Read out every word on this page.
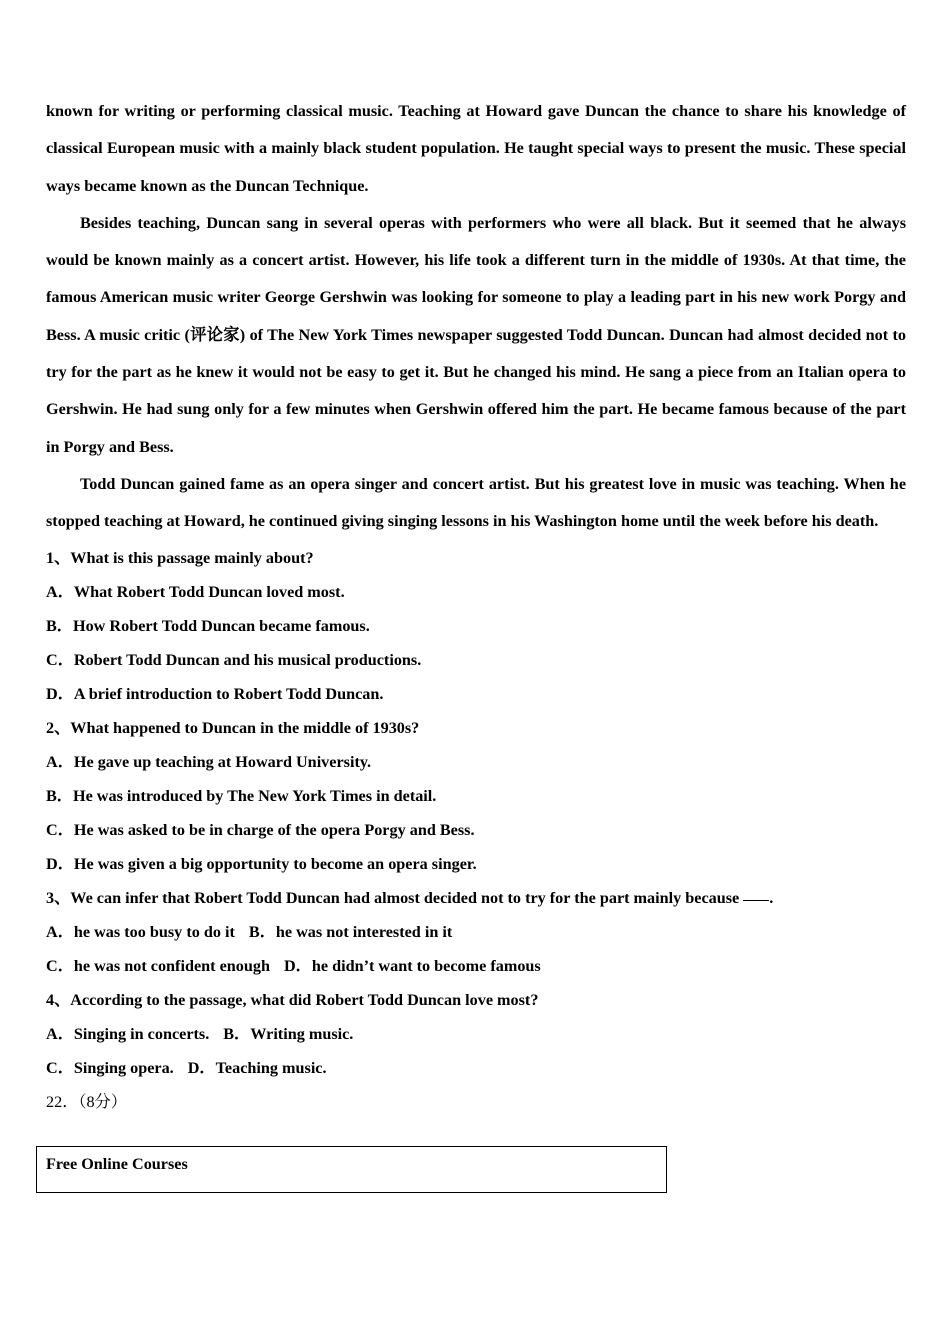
known for writing or performing classical music. Teaching at Howard gave Duncan the chance to share his knowledge of classical European music with a mainly black student population. He taught special ways to present the music. These special ways became known as the Duncan Technique.

Besides teaching, Duncan sang in several operas with performers who were all black. But it seemed that he always would be known mainly as a concert artist. However, his life took a different turn in the middle of 1930s. At that time, the famous American music writer George Gershwin was looking for someone to play a leading part in his new work Porgy and Bess. A music critic (评论家) of The New York Times newspaper suggested Todd Duncan. Duncan had almost decided not to try for the part as he knew it would not be easy to get it. But he changed his mind. He sang a piece from an Italian opera to Gershwin. He had sung only for a few minutes when Gershwin offered him the part. He became famous because of the part in Porgy and Bess.

Todd Duncan gained fame as an opera singer and concert artist. But his greatest love in music was teaching. When he stopped teaching at Howard, he continued giving singing lessons in his Washington home until the week before his death.

1、What is this passage mainly about?
A．What Robert Todd Duncan loved most.
B．How Robert Todd Duncan became famous.
C．Robert Todd Duncan and his musical productions.
D．A brief introduction to Robert Todd Duncan.
2、What happened to Duncan in the middle of 1930s?
A．He gave up teaching at Howard University.
B．He was introduced by The New York Times in detail.
C．He was asked to be in charge of the opera Porgy and Bess.
D．He was given a big opportunity to become an opera singer.
3、We can infer that Robert Todd Duncan had almost decided not to try for the part mainly because .
A．he was too busy to do it B．he was not interested in it
C．he was not confident enough D．he didn’t want to become famous
4、According to the passage, what did Robert Todd Duncan love most?
A．Singing in concerts. B．Writing music.
C．Singing opera. D．Teaching music.
22．（8分）
Free Online Courses
